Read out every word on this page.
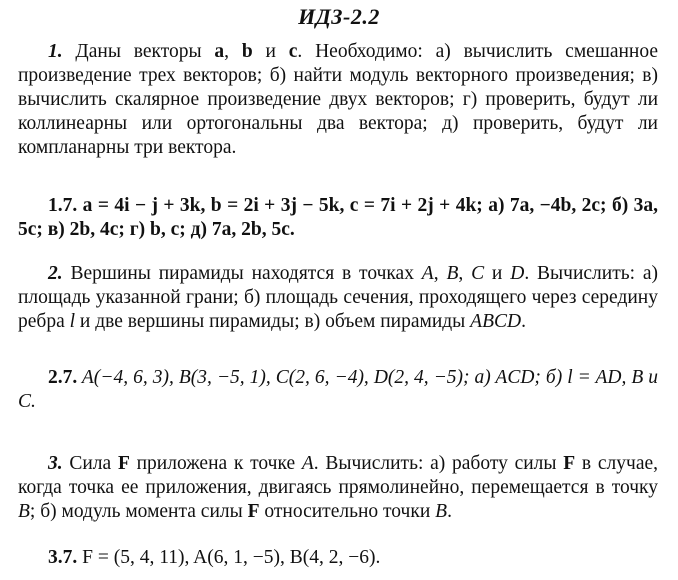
ИДЗ-2.2
1. Даны векторы a, b и c. Необходимо: а) вычислить смешанное произведение трех векторов; б) найти модуль векторного произведения; в) вычислить скалярное произведение двух векторов; г) проверить, будут ли коллинеарны или ортогональны два вектора; д) проверить, будут ли компланарны три вектора.
1.7. a = 4i − j + 3k, b = 2i + 3j − 5k, c = 7i + 2j + 4k; а) 7a, −4b, 2c; б) 3a, 5c; в) 2b, 4c; г) b, c; д) 7a, 2b, 5c.
2. Вершины пирамиды находятся в точках A, B, C и D. Вычислить: а) площадь указанной грани; б) площадь сечения, проходящего через середину ребра l и две вершины пирамиды; в) объем пирамиды ABCD.
2.7. A(−4, 6, 3), B(3, −5, 1), C(2, 6, −4), D(2, 4, −5); а) ACD; б) l = AD, B и C.
3. Сила F приложена к точке A. Вычислить: а) работу силы F в случае, когда точка ее приложения, двигаясь прямолинейно, перемещается в точку B; б) модуль момента силы F относительно точки B.
3.7. F = (5, 4, 11), A(6, 1, −5), B(4, 2, −6).
